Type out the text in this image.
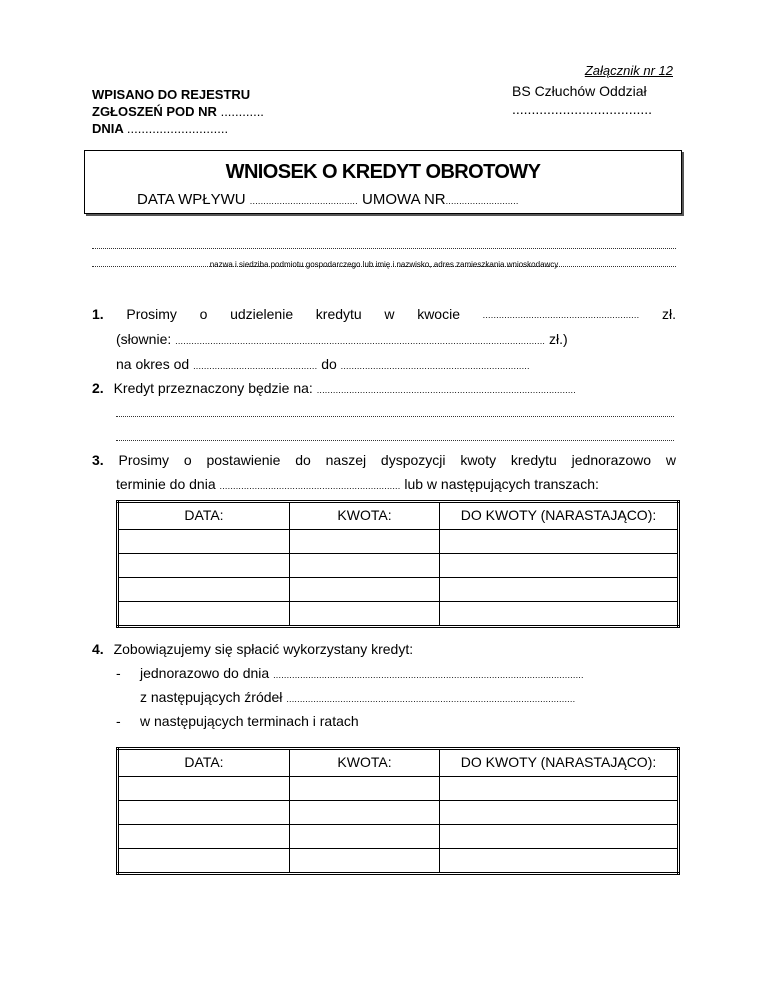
Załącznik nr 12
WPISANO DO REJESTRU
ZGŁOSZEŃ POD NR ............
DNIA ............................
BS Człuchów Oddział
....................................
WNIOSEK O KREDYT OBROTOWY
DATA WPŁYWU ........................................ UMOWA NR...........................
nazwa i siedziba podmiotu gospodarczego lub imię i nazwisko, adres zamieszkania wnioskodawcy
1. Prosimy o udzielenie kredytu w kwocie	.......................................................... zł.
(słownie: ......................................................................................................................................... zł.)
na okres od .............................................. do ......................................................................
2. Kredyt przeznaczony będzie na: ................................................................................................
3. Prosimy o postawienie do naszej dyspozycji kwoty kredytu jednorazowo w
terminie do dnia ................................................................... lub w następujących transzach:
DATA:	KWOTA:	DO KWOTY (NARASTAJĄCO):

4. Zobowiązujemy się spłacić wykorzystany kredyt:
- jednorazowo do dnia ...................................................................................................................
z następujących źródeł ...........................................................................................................
- w następujących terminach i ratach
DATA:	KWOTA:	DO KWOTY (NARASTAJĄCO):
